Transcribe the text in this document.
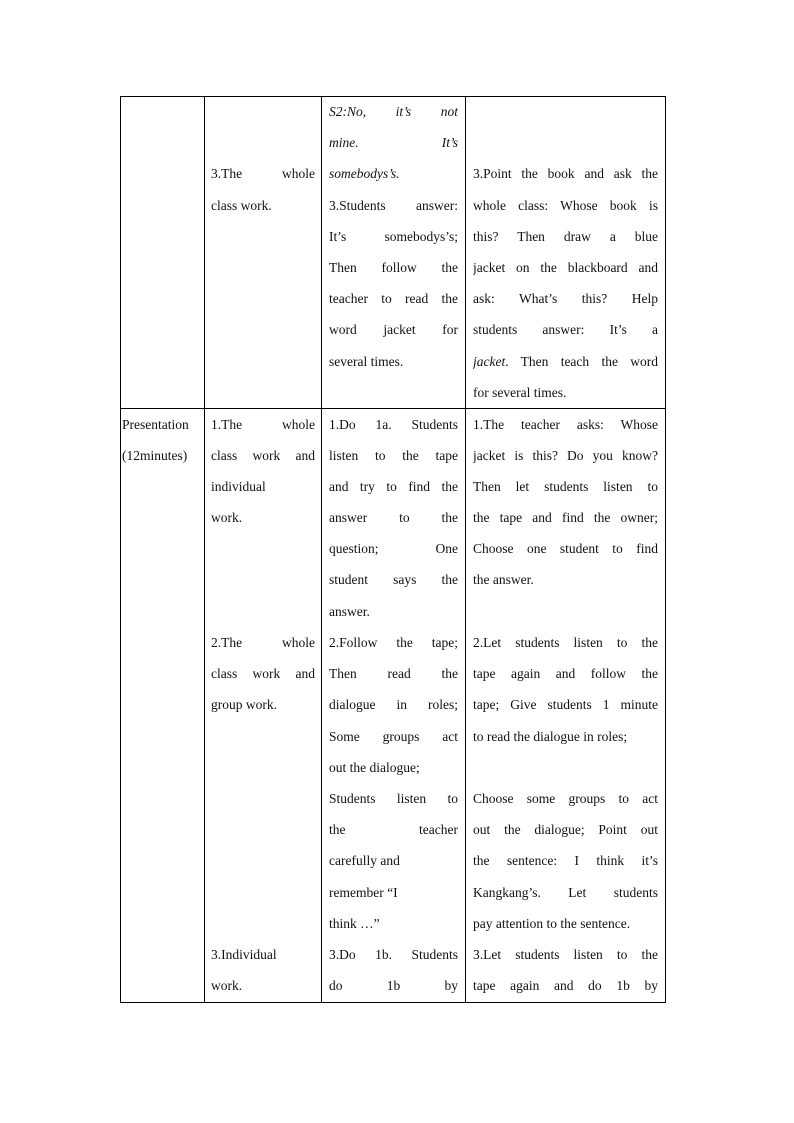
3.The whole
class work.
S2:No, it’s not
mine. It’s
somebodys’s.
3.Students answer:
It’s somebodys’s;
Then follow the
teacher to read the
word jacket for
several times.
3.Point the book and ask the
whole class: Whose book is
this? Then draw a blue
jacket on the blackboard and
ask: What’s this? Help
students answer: It’s a
jacket. Then teach the word
for several times.
Presentation
(12minutes)
1.The whole
class work and
individual
work.
2.The whole
class work and
group work.
3.Individual
work.
1.Do 1a. Students
listen to the tape
and try to find the
answer to the
question; One
student says the
answer.
2.Follow the tape;
Then read the
dialogue in roles;
Some groups act
out the dialogue;
Students listen to
the teacher
carefully and
remember “I
think …”
3.Do 1b. Students
do 1b by
1.The teacher asks: Whose
jacket is this? Do you know?
Then let students listen to
the tape and find the owner;
Choose one student to find
the answer.
2.Let students listen to the
tape again and follow the
tape; Give students 1 minute
to read the dialogue in roles;
Choose some groups to act
out the dialogue; Point out
the sentence: I think it’s
Kangkang’s. Let students
pay attention to the sentence.
3.Let students listen to the
tape again and do 1b by
